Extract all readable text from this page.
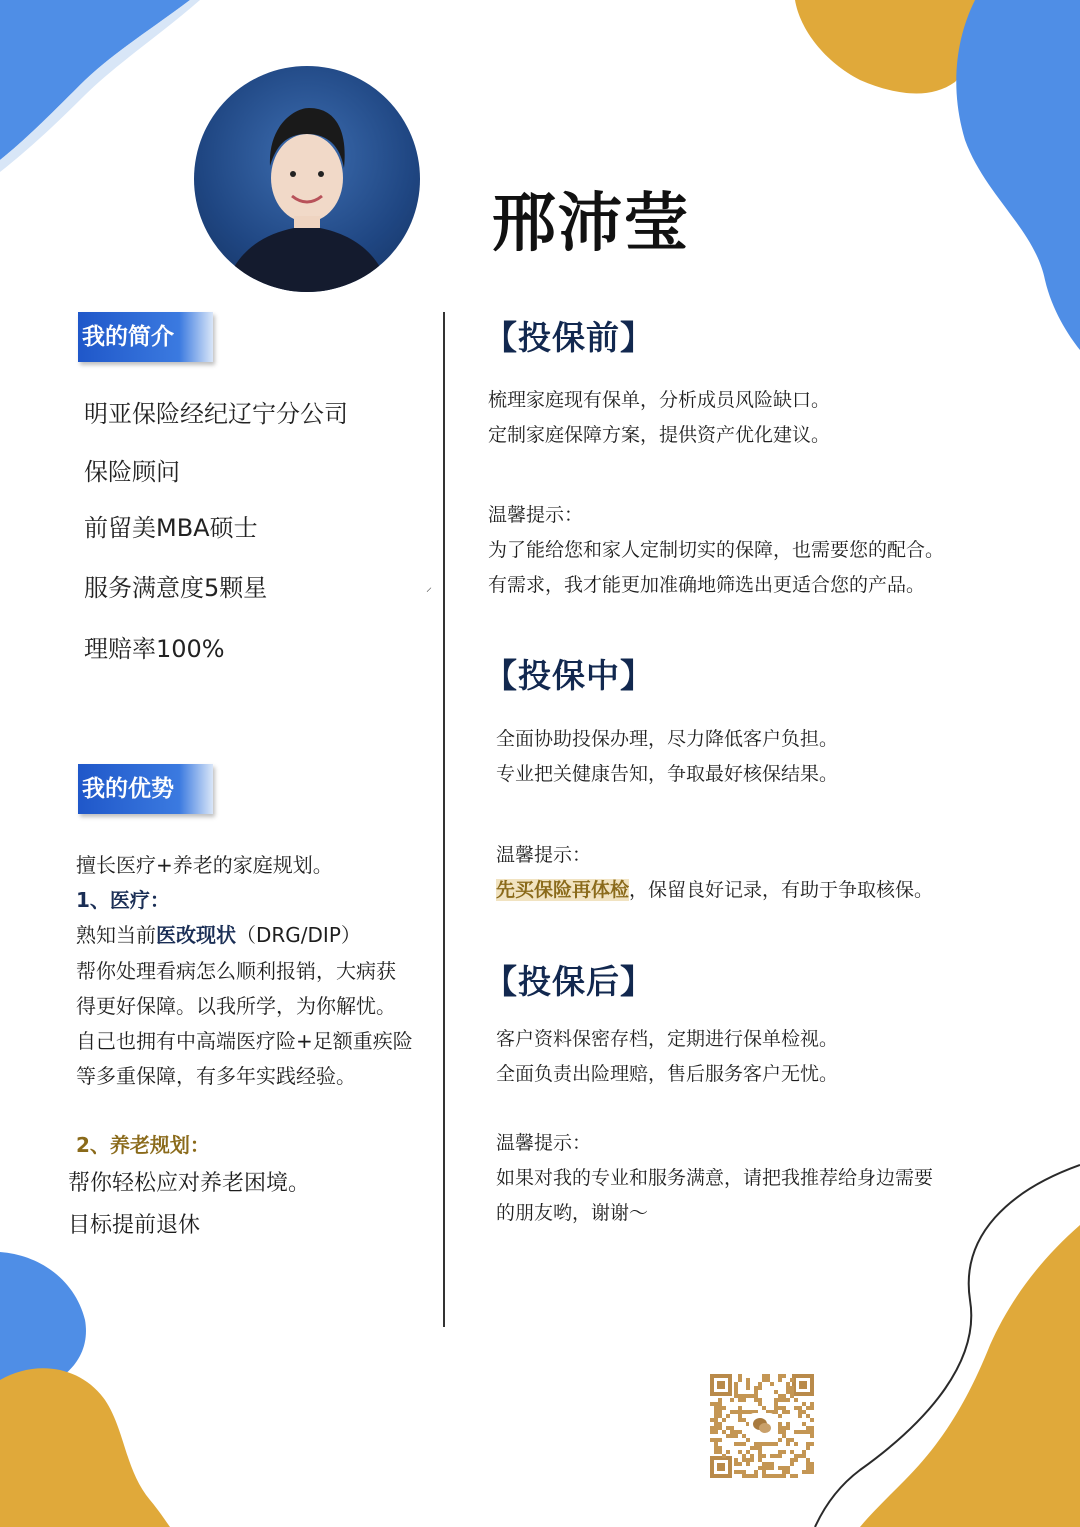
邢沛莹
我的简介
明亚保险经纪辽宁分公司
保险顾问
前留美MBA硕士
服务满意度5颗星
理赔率100%
⸝
我的优势
擅长医疗+养老的家庭规划。
1、医疗：
熟知当前医改现状（DRG/DIP）
帮你处理看病怎么顺利报销，大病获
得更好保障。以我所学，为你解忧。
自己也拥有中高端医疗险+足额重疾险
等多重保障，有多年实践经验。
2、养老规划：
帮你轻松应对养老困境。
目标提前退休
【投保前】
梳理家庭现有保单，分析成员风险缺口。
定制家庭保障方案，提供资产优化建议。
温馨提示：
为了能给您和家人定制切实的保障，也需要您的配合。
有需求，我才能更加准确地筛选出更适合您的产品。
【投保中】
全面协助投保办理，尽力降低客户负担。
专业把关健康告知，争取最好核保结果。
温馨提示：
先买保险再体检，保留良好记录，有助于争取核保。
【投保后】
客户资料保密存档，定期进行保单检视。
全面负责出险理赔，售后服务客户无忧。
温馨提示：
如果对我的专业和服务满意，请把我推荐给身边需要
的朋友哟，谢谢～
